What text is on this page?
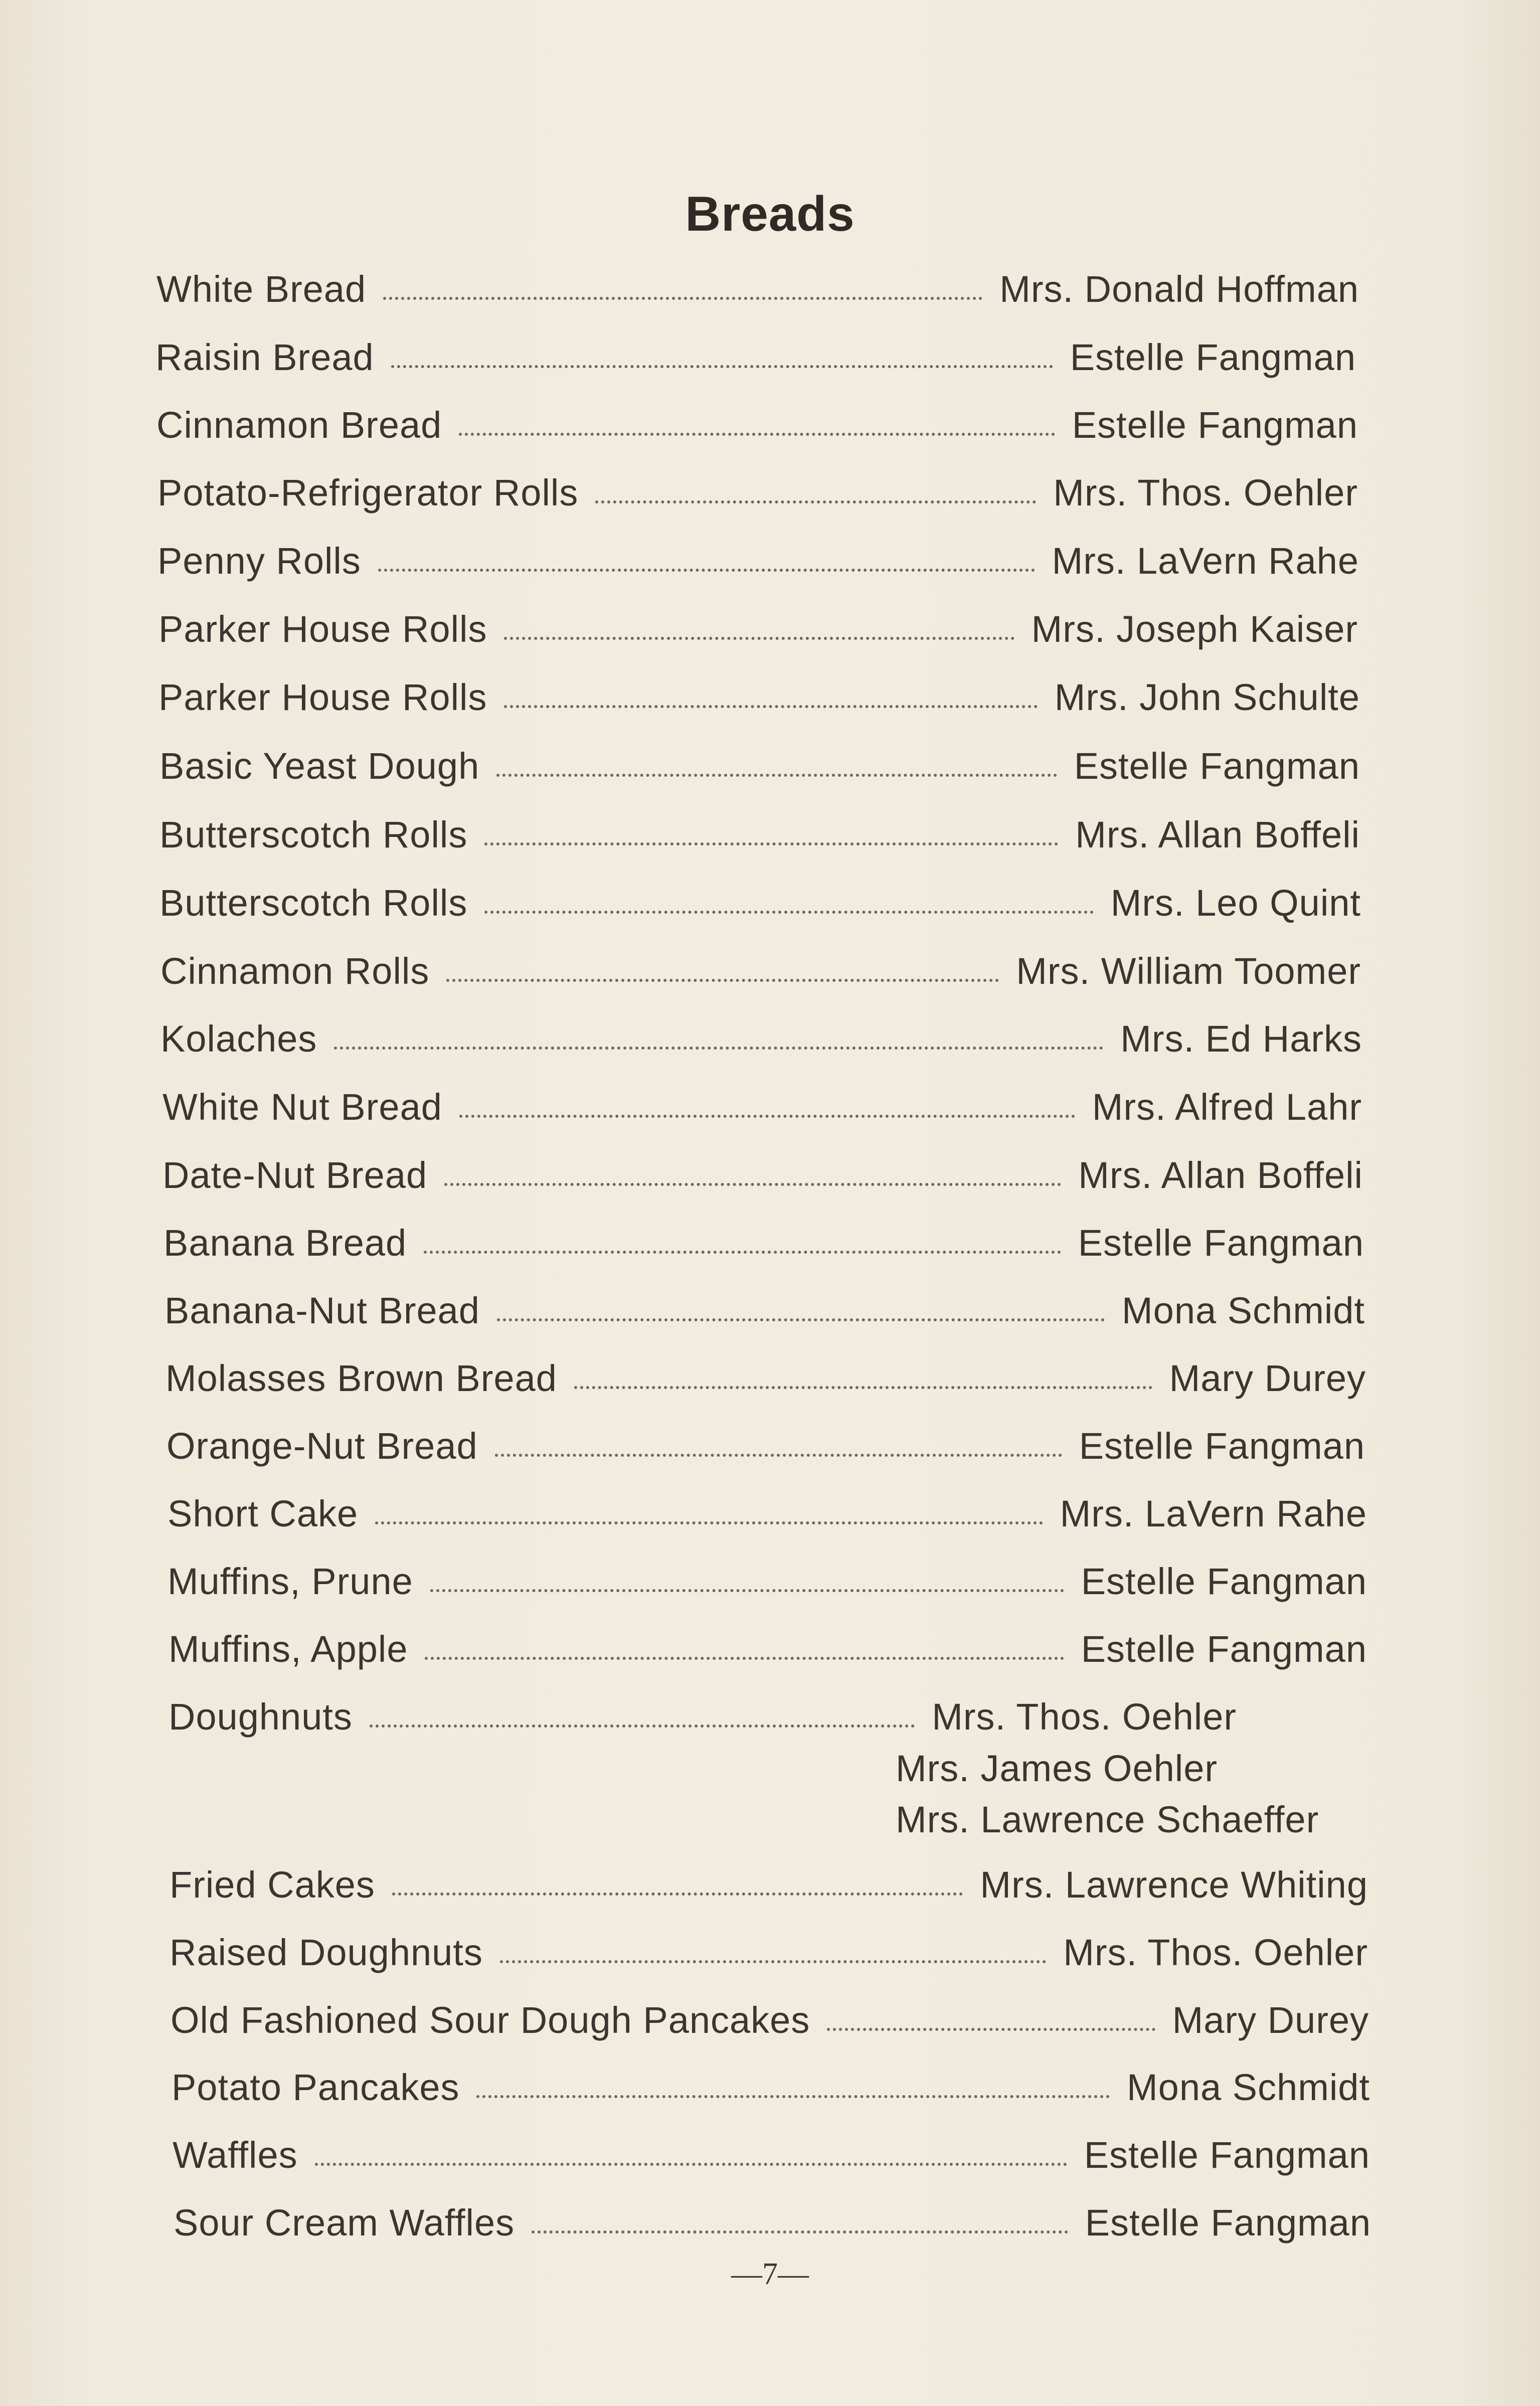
Breads
White Bread	Mrs. Donald Hoffman
Raisin Bread	Estelle Fangman
Cinnamon Bread	Estelle Fangman
Potato-Refrigerator Rolls	Mrs. Thos. Oehler
Penny Rolls	Mrs. LaVern Rahe
Parker House Rolls	Mrs. Joseph Kaiser
Parker House Rolls	Mrs. John Schulte
Basic Yeast Dough	Estelle Fangman
Butterscotch Rolls	Mrs. Allan Boffeli
Butterscotch Rolls	Mrs. Leo Quint
Cinnamon Rolls	Mrs. William Toomer
Kolaches	Mrs. Ed Harks
White Nut Bread	Mrs. Alfred Lahr
Date-Nut Bread	Mrs. Allan Boffeli
Banana Bread	Estelle Fangman
Banana-Nut Bread	Mona Schmidt
Molasses Brown Bread	Mary Durey
Orange-Nut Bread	Estelle Fangman
Short Cake	Mrs. LaVern Rahe
Muffins, Prune	Estelle Fangman
Muffins, Apple	Estelle Fangman
Doughnuts	Mrs. Thos. Oehler
Mrs. James Oehler
Mrs. Lawrence Schaeffer
Fried Cakes	Mrs. Lawrence Whiting
Raised Doughnuts	Mrs. Thos. Oehler
Old Fashioned Sour Dough Pancakes	Mary Durey
Potato Pancakes	Mona Schmidt
Waffles	Estelle Fangman
Sour Cream Waffles	Estelle Fangman
—7—
